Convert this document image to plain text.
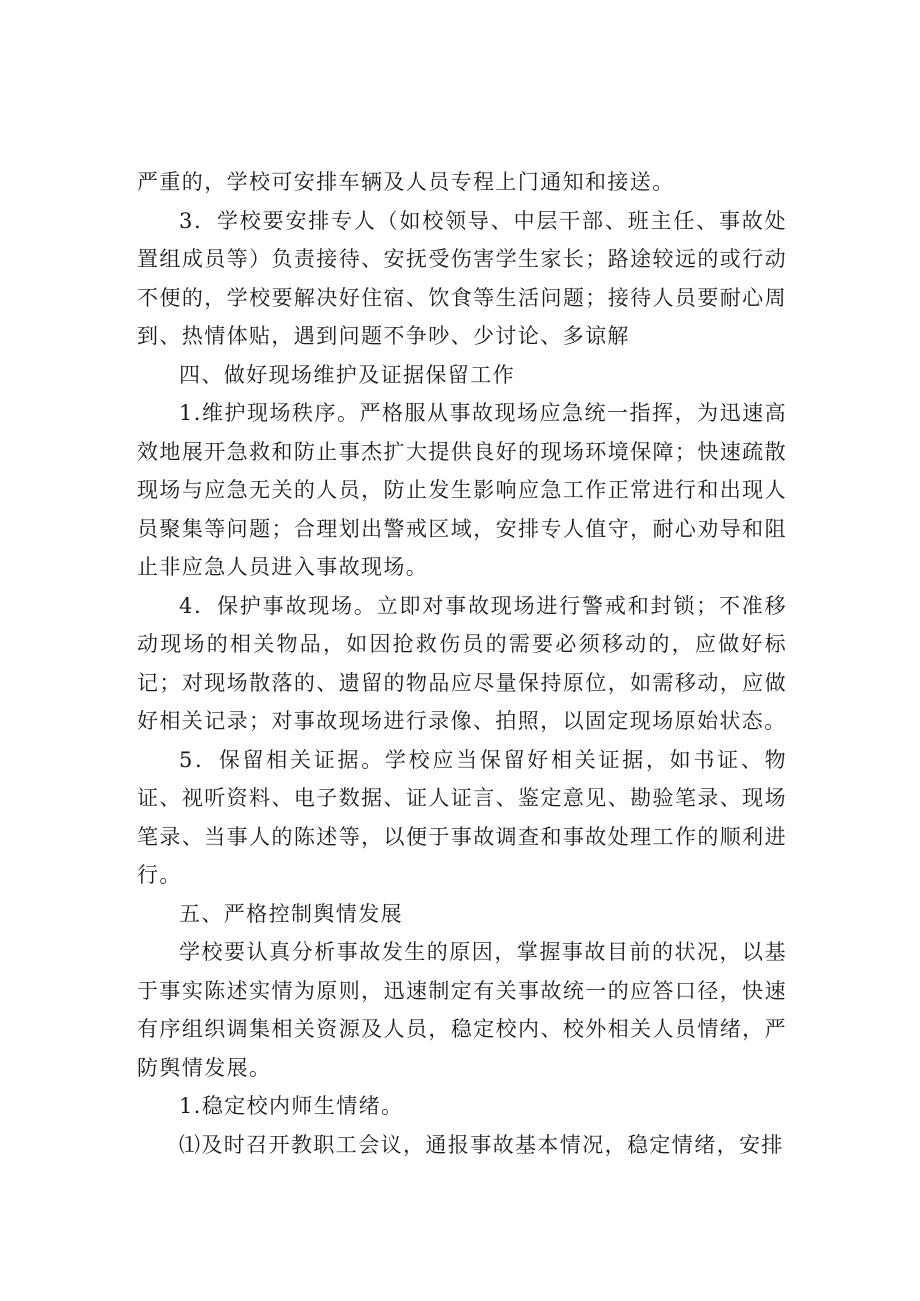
严重的，学校可安排车辆及人员专程上门通知和接送。

3．学校要安排专人（如校领导、中层干部、班主任、事故处置组成员等）负责接待、安抚受伤害学生家长；路途较远的或行动不便的，学校要解决好住宿、饮食等生活问题；接待人员要耐心周到、热情体贴，遇到问题不争吵、少讨论、多谅解

四、做好现场维护及证据保留工作

1.维护现场秩序。严格服从事故现场应急统一指挥，为迅速高效地展开急救和防止事杰扩大提供良好的现场环境保障；快速疏散现场与应急无关的人员，防止发生影响应急工作正常进行和出现人员聚集等问题；合理划出警戒区域，安排专人值守，耐心劝导和阻止非应急人员进入事故现场。

4．保护事故现场。立即对事故现场进行警戒和封锁；不准移动现场的相关物品，如因抢救伤员的需要必须移动的，应做好标记；对现场散落的、遗留的物品应尽量保持原位，如需移动，应做好相关记录；对事故现场进行录像、拍照，以固定现场原始状态。

5．保留相关证据。学校应当保留好相关证据，如书证、物证、视听资料、电子数据、证人证言、鉴定意见、勘验笔录、现场笔录、当事人的陈述等，以便于事故调查和事故处理工作的顺利进行。

五、严格控制舆情发展

学校要认真分析事故发生的原因，掌握事故目前的状况，以基于事实陈述实情为原则，迅速制定有关事故统一的应答口径，快速有序组织调集相关资源及人员，稳定校内、校外相关人员情绪，严防舆情发展。

1.稳定校内师生情绪。

⑴及时召开教职工会议，通报事故基本情况，稳定情绪，安排
